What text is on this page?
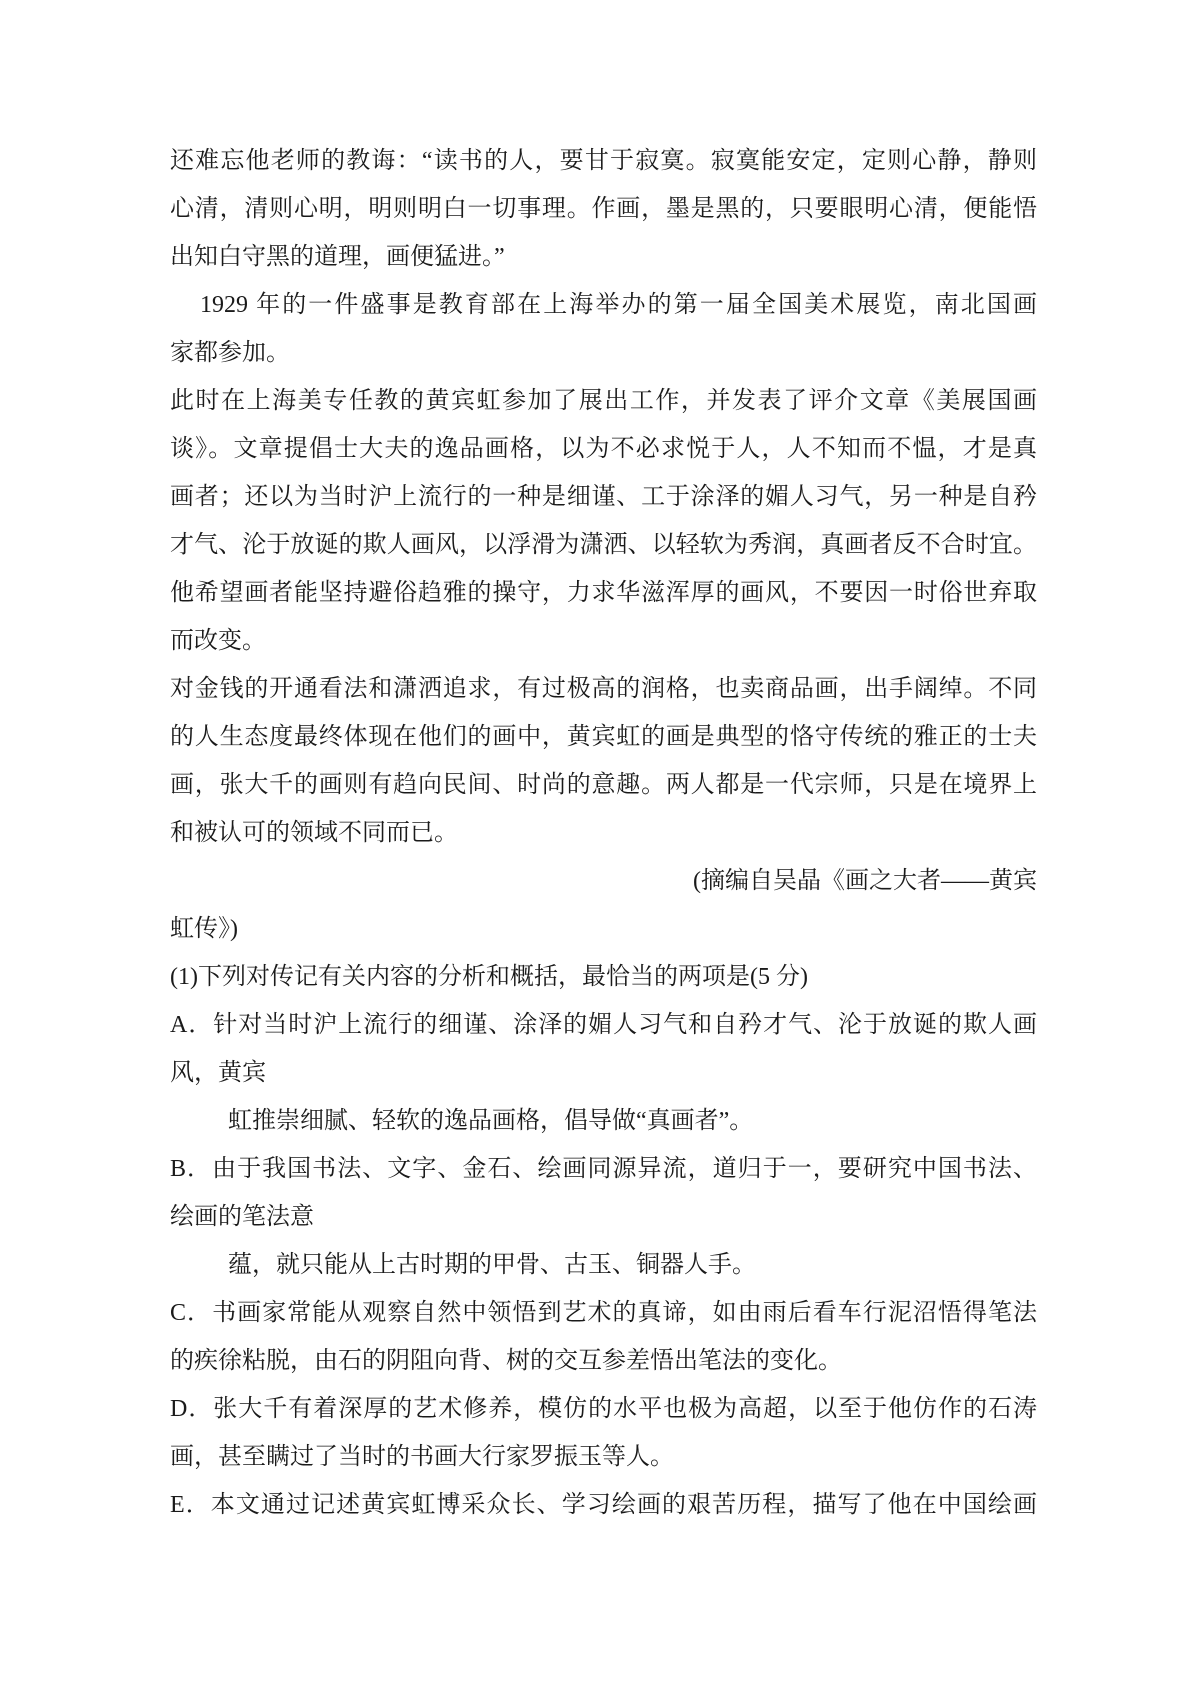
还难忘他老师的教诲：“读书的人，要甘于寂寞。寂寞能安定，定则心静，静则
心清，清则心明，明则明白一切事理。作画，墨是黑的，只要眼明心清，便能悟
出知白守黑的道理，画便猛进。”
1929 年的一件盛事是教育部在上海举办的第一届全国美术展览，南北国画
家都参加。
此时在上海美专任教的黄宾虹参加了展出工作，并发表了评介文章《美展国画
谈》。文章提倡士大夫的逸品画格，以为不必求悦于人，人不知而不愠，才是真
画者；还以为当时沪上流行的一种是细谨、工于涂泽的媚人习气，另一种是自矜
才气、沦于放诞的欺人画风，以浮滑为潇洒、以轻软为秀润，真画者反不合时宜。
他希望画者能坚持避俗趋雅的操守，力求华滋浑厚的画风，不要因一时俗世弃取
而改变。
对金钱的开通看法和潇洒追求，有过极高的润格，也卖商品画，出手阔绰。不同
的人生态度最终体现在他们的画中，黄宾虹的画是典型的恪守传统的雅正的士夫
画，张大千的画则有趋向民间、时尚的意趣。两人都是一代宗师，只是在境界上
和被认可的领域不同而已。
(摘编自吴晶《画之大者——黄宾
虹传》)
(1)下列对传记有关内容的分析和概括，最恰当的两项是(5 分)
A．针对当时沪上流行的细谨、涂泽的媚人习气和自矜才气、沦于放诞的欺人画
风，黄宾
虹推崇细腻、轻软的逸品画格，倡导做“真画者”。
B．由于我国书法、文字、金石、绘画同源异流，道归于一，要研究中国书法、
绘画的笔法意
蕴，就只能从上古时期的甲骨、古玉、铜器人手。
C．书画家常能从观察自然中领悟到艺术的真谛，如由雨后看车行泥沼悟得笔法
的疾徐粘脱，由石的阴阻向背、树的交互参差悟出笔法的变化。
D．张大千有着深厚的艺术修养，模仿的水平也极为高超，以至于他仿作的石涛
画，甚至瞒过了当时的书画大行家罗振玉等人。
E．本文通过记述黄宾虹博采众长、学习绘画的艰苦历程，描写了他在中国绘画
